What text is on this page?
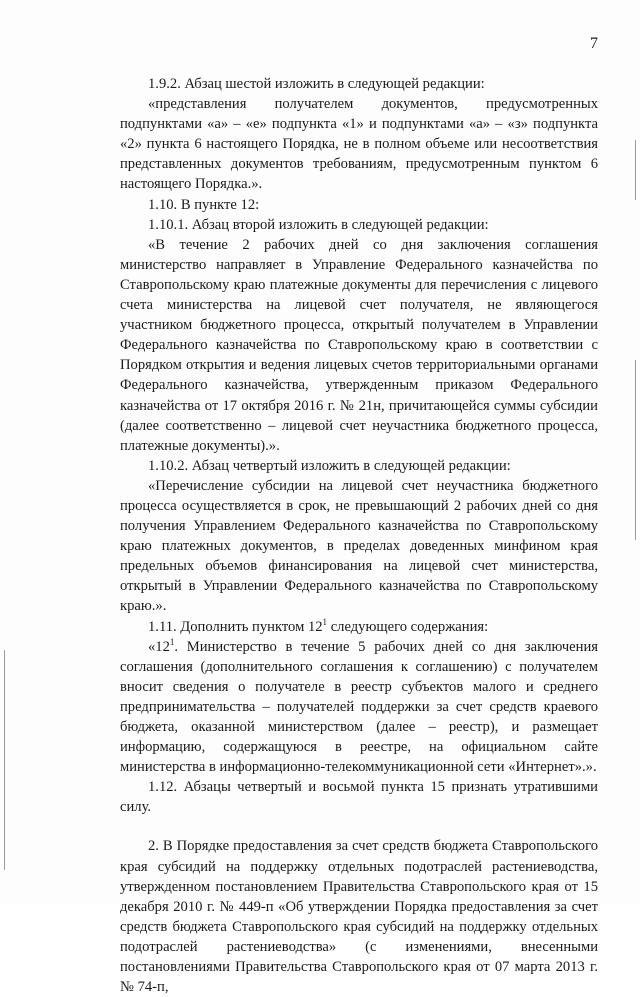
7

1.9.2. Абзац шестой изложить в следующей редакции:

«представления получателем документов, предусмотренных подпунктами «а» – «е» подпункта «1» и подпунктами «а» – «з» подпункта «2» пункта 6 настоящего Порядка, не в полном объеме или несоответствия представленных документов требованиям, предусмотренным пунктом 6 настоящего Порядка.».

1.10. В пункте 12:

1.10.1. Абзац второй изложить в следующей редакции:

«В течение 2 рабочих дней со дня заключения соглашения министерство направляет в Управление Федерального казначейства по Ставропольскому краю платежные документы для перечисления с лицевого счета министерства на лицевой счет получателя, не являющегося участником бюджетного процесса, открытый получателем в Управлении Федерального казначейства по Ставропольскому краю в соответствии с Порядком открытия и ведения лицевых счетов территориальными органами Федерального казначейства, утвержденным приказом Федерального казначейства от 17 октября 2016 г. № 21н, причитающейся суммы субсидии (далее соответственно – лицевой счет неучастника бюджетного процесса, платежные документы).».

1.10.2. Абзац четвертый изложить в следующей редакции:

«Перечисление субсидии на лицевой счет неучастника бюджетного процесса осуществляется в срок, не превышающий 2 рабочих дней со дня получения Управлением Федерального казначейства по Ставропольскому краю платежных документов, в пределах доведенных минфином края предельных объемов финансирования на лицевой счет министерства, открытый в Управлении Федерального казначейства по Ставропольскому краю.».

1.11. Дополнить пунктом $12^1$ следующего содержания:

«$12^1$. Министерство в течение 5 рабочих дней со дня заключения соглашения (дополнительного соглашения к соглашению) с получателем вносит сведения о получателе в реестр субъектов малого и среднего предпринимательства – получателей поддержки за счет средств краевого бюджета, оказанной министерством (далее – реестр), и размещает информацию, содержащуюся в реестре, на официальном сайте министерства в информационно-телекоммуникационной сети «Интернет».».

1.12. Абзацы четвертый и восьмой пункта 15 признать утратившими силу.

2. В Порядке предоставления за счет средств бюджета Ставропольского края субсидий на поддержку отдельных подотраслей растениеводства, утвержденном постановлением Правительства Ставропольского края от 15 декабря 2010 г. № 449-п «Об утверждении Порядка предоставления за счет средств бюджета Ставропольского края субсидий на поддержку отдельных подотраслей растениеводства» (с изменениями, внесенными постановлениями Правительства Ставропольского края от 07 марта 2013 г. № 74-п,
